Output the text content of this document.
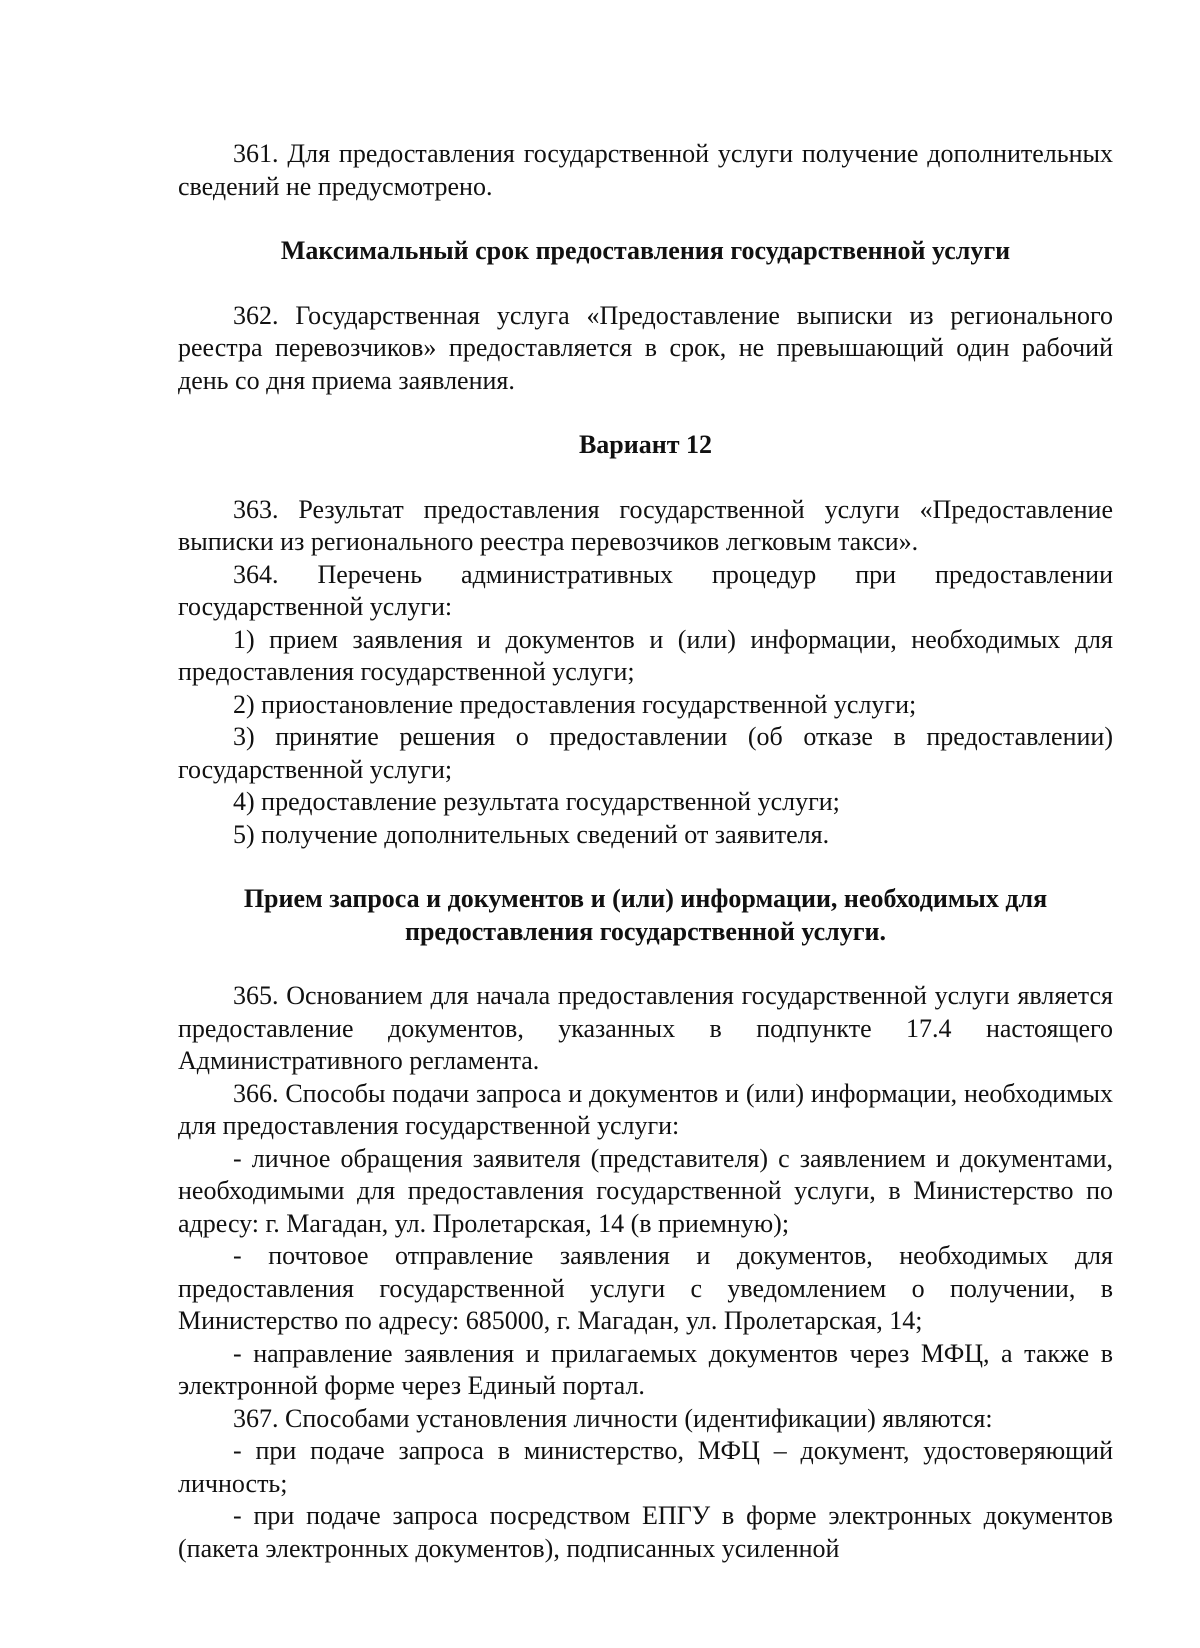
361. Для предоставления государственной услуги получение дополнительных сведений не предусмотрено.

Максимальный срок предоставления государственной услуги

362. Государственная услуга «Предоставление выписки из регионального реестра перевозчиков» предоставляется в срок, не превышающий один рабочий день со дня приема заявления.

Вариант 12

363. Результат предоставления государственной услуги «Предоставление выписки из регионального реестра перевозчиков легковым такси».

364. Перечень административных процедур при предоставлении государственной услуги:

1) прием заявления и документов и (или) информации, необходимых для предоставления государственной услуги;

2) приостановление предоставления государственной услуги;

3) принятие решения о предоставлении (об отказе в предоставлении) государственной услуги;

4) предоставление результата государственной услуги;

5) получение дополнительных сведений от заявителя.

Прием запроса и документов и (или) информации, необходимых для предоставления государственной услуги.

365. Основанием для начала предоставления государственной услуги является предоставление документов, указанных в подпункте 17.4 настоящего Административного регламента.

366. Способы подачи запроса и документов и (или) информации, необходимых для предоставления государственной услуги:

- личное обращения заявителя (представителя) с заявлением и документами, необходимыми для предоставления государственной услуги, в Министерство по адресу: г. Магадан, ул. Пролетарская, 14 (в приемную);

- почтовое отправление заявления и документов, необходимых для предоставления государственной услуги с уведомлением о получении, в Министерство по адресу: 685000, г. Магадан, ул. Пролетарская, 14;

- направление заявления и прилагаемых документов через МФЦ, а также в электронной форме через Единый портал.

367. Способами установления личности (идентификации) являются:

- при подаче запроса в министерство, МФЦ – документ, удостоверяющий личность;

- при подаче запроса посредством ЕПГУ в форме электронных документов (пакета электронных документов), подписанных усиленной
